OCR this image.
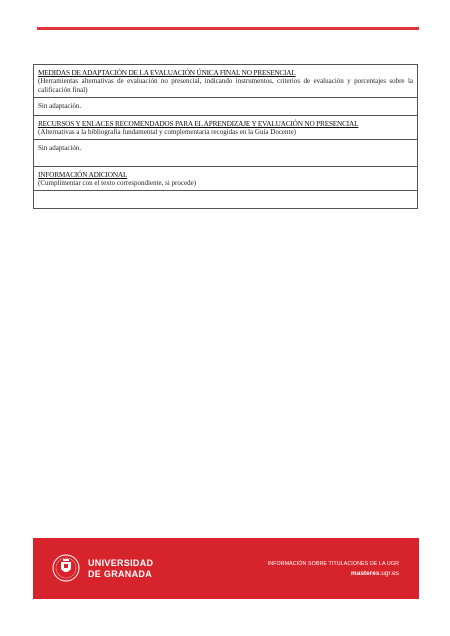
MEDIDAS DE ADAPTACIÓN DE LA EVALUACIÓN ÚNICA FINAL NO PRESENCIAL
(Herramientas alternativas de evaluación no presencial, indicando instrumentos, criterios de evaluación y porcentajes sobre la calificación final)
Sin adaptación.
RECURSOS Y ENLACES RECOMENDADOS PARA EL APRENDIZAJE Y EVALUACIÓN NO PRESENCIAL
(Alternativas a la bibliografía fundamental y complementaria recogidas en la Guía Docente)
Sin adaptación.
INFORMACIÓN ADICIONAL
(Cumplimentar con el texto correspondiente, si procede)
UNIVERSIDAD
DE GRANADA
INFORMACIÓN SOBRE TITULACIONES DE LA UGR
masteres.ugr.es
